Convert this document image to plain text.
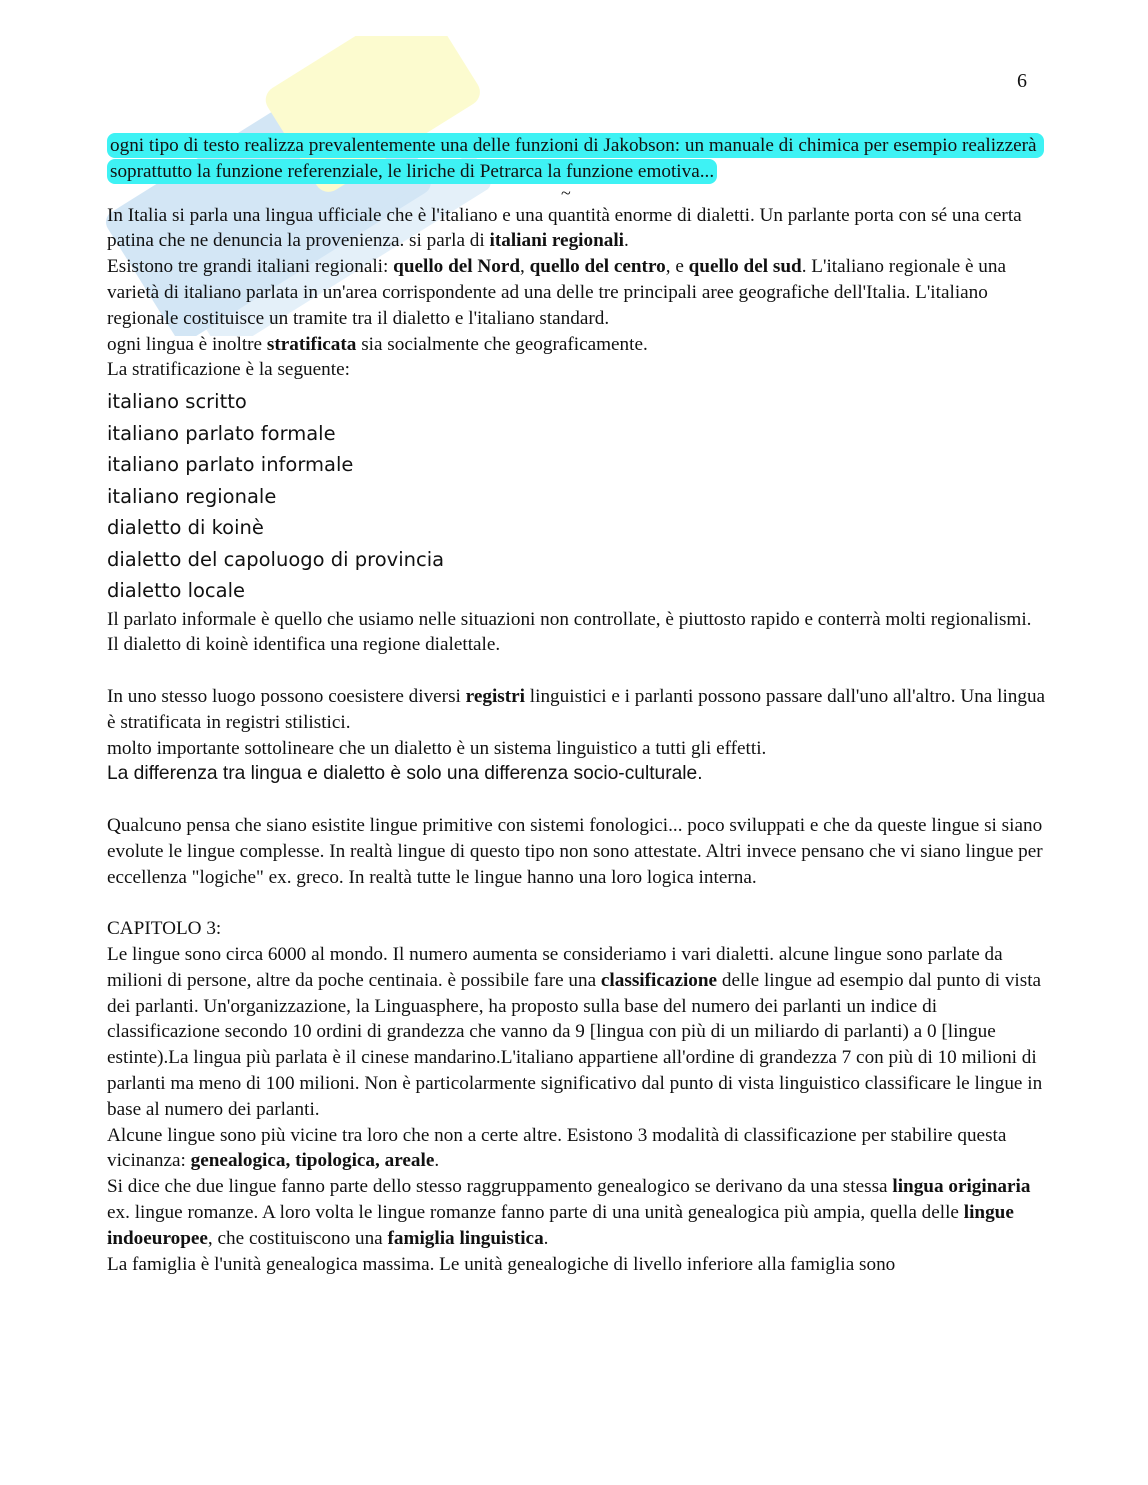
6

ogni tipo di testo realizza prevalentemente una delle funzioni di Jakobson: un manuale di chimica per esempio realizzerà soprattutto la funzione referenziale, le liriche di Petrarca la funzione emotiva...

~

In Italia si parla una lingua ufficiale che è l'italiano e una quantità enorme di dialetti. Un parlante porta con sé una certa patina che ne denuncia la provenienza. si parla di italiani regionali.

Esistono tre grandi italiani regionali: quello del Nord, quello del centro, e quello del sud. L'italiano regionale è una varietà di italiano parlata in un'area corrispondente ad una delle tre principali aree geografiche dell'Italia. L'italiano regionale costituisce un tramite tra il dialetto e l'italiano standard.

ogni lingua è inoltre stratificata sia socialmente che geograficamente.

La stratificazione è la seguente:

italiano scritto
italiano parlato formale
italiano parlato informale
italiano regionale
dialetto di koinè
dialetto del capoluogo di provincia
dialetto locale

Il parlato informale è quello che usiamo nelle situazioni non controllate, è piuttosto rapido e conterrà molti regionalismi.

Il dialetto di koinè identifica una regione dialettale.

In uno stesso luogo possono coesistere diversi registri linguistici e i parlanti possono passare dall'uno all'altro. Una lingua è stratificata in registri stilistici.

molto importante sottolineare che un dialetto è un sistema linguistico a tutti gli effetti.

La differenza tra lingua e dialetto è solo una differenza socio-culturale.

Qualcuno pensa che siano esistite lingue primitive con sistemi fonologici... poco sviluppati e che da queste lingue si siano evolute le lingue complesse. In realtà lingue di questo tipo non sono attestate. Altri invece pensano che vi siano lingue per eccellenza "logiche" ex. greco. In realtà tutte le lingue hanno una loro logica interna.

CAPITOLO 3:

Le lingue sono circa 6000 al mondo. Il numero aumenta se consideriamo i vari dialetti. alcune lingue sono parlate da milioni di persone, altre da poche centinaia. è possibile fare una classificazione delle lingue ad esempio dal punto di vista dei parlanti. Un'organizzazione, la Linguasphere, ha proposto sulla base del numero dei parlanti un indice di classificazione secondo 10 ordini di grandezza che vanno da 9 [lingua con più di un miliardo di parlanti) a 0 [lingue estinte).La lingua più parlata è il cinese mandarino.L'italiano appartiene all'ordine di grandezza 7 con più di 10 milioni di parlanti ma meno di 100 milioni. Non è particolarmente significativo dal punto di vista linguistico classificare le lingue in base al numero dei parlanti.

Alcune lingue sono più vicine tra loro che non a certe altre. Esistono 3 modalità di classificazione per stabilire questa vicinanza: genealogica, tipologica, areale.

Si dice che due lingue fanno parte dello stesso raggruppamento genealogico se derivano da una stessa lingua originaria ex. lingue romanze. A loro volta le lingue romanze fanno parte di una unità genealogica più ampia, quella delle lingue indoeuropee, che costituiscono una famiglia linguistica.

La famiglia è l'unità genealogica massima. Le unità genealogiche di livello inferiore alla famiglia sono
